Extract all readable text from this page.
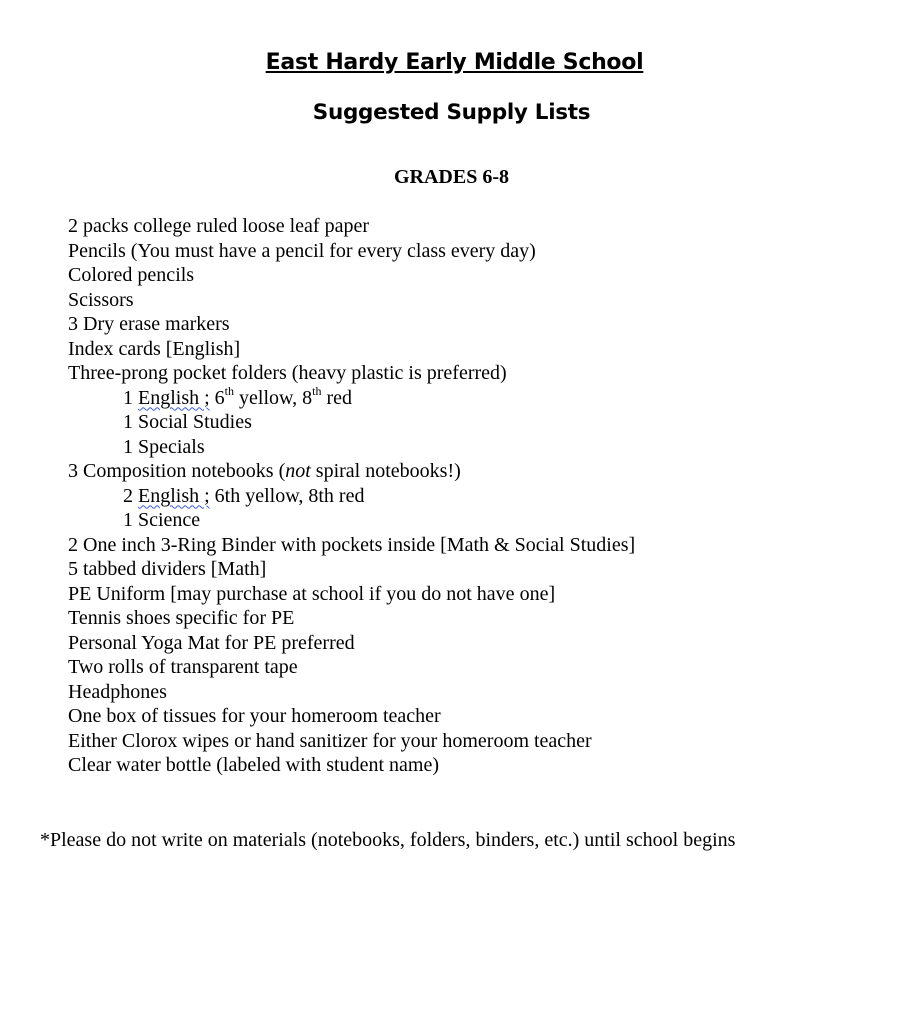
East Hardy Early Middle School
Suggested Supply Lists
GRADES 6-8
2 packs college ruled loose leaf paper
Pencils (You must have a pencil for every class every day)
Colored pencils
Scissors
3 Dry erase markers
Index cards [English]
Three-prong pocket folders (heavy plastic is preferred)
1 English ; 6th yellow, 8th red
1 Social Studies
1 Specials
3 Composition notebooks (not spiral notebooks!)
2 English ; 6th yellow, 8th red
1 Science
2 One inch 3-Ring Binder with pockets inside [Math & Social Studies]
5 tabbed dividers [Math]
PE Uniform [may purchase at school if you do not have one]
Tennis shoes specific for PE
Personal Yoga Mat for PE preferred
Two rolls of transparent tape
Headphones
One box of tissues for your homeroom teacher
Either Clorox wipes or hand sanitizer for your homeroom teacher
Clear water bottle (labeled with student name)
*Please do not write on materials (notebooks, folders, binders, etc.) until school begins
